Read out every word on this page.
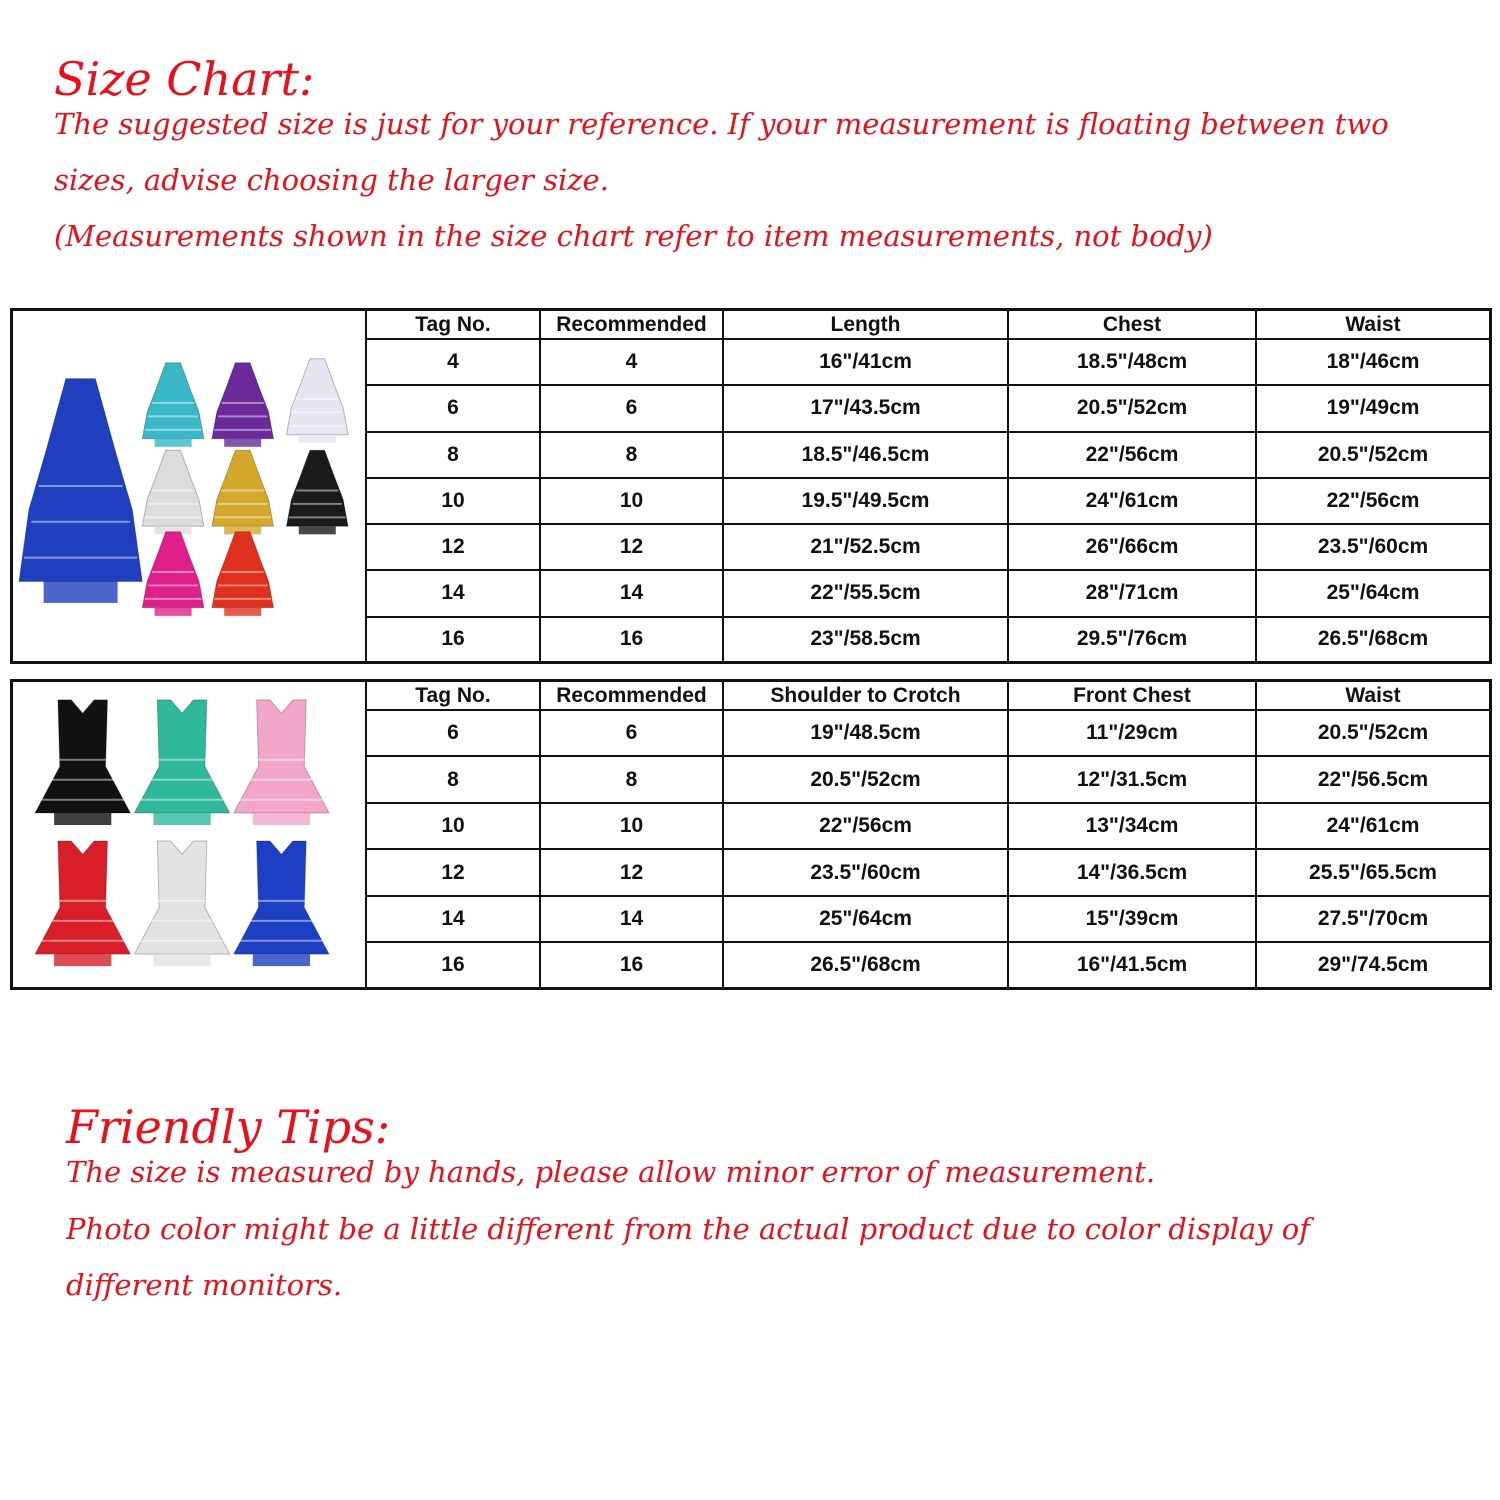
Size Chart:
The suggested size is just for your reference. If your measurement is floating between two
sizes, advise choosing the larger size.
(Measurements shown in the size chart refer to item measurements, not body)
Tag No.	Recommended	Length	Chest	Waist
4	4	16"/41cm	18.5"/48cm	18"/46cm
6	6	17"/43.5cm	20.5"/52cm	19"/49cm
8	8	18.5"/46.5cm	22"/56cm	20.5"/52cm
10	10	19.5"/49.5cm	24"/61cm	22"/56cm
12	12	21"/52.5cm	26"/66cm	23.5"/60cm
14	14	22"/55.5cm	28"/71cm	25"/64cm
16	16	23"/58.5cm	29.5"/76cm	26.5"/68cm
Tag No.	Recommended	Shoulder to Crotch	Front Chest	Waist
6	6	19"/48.5cm	11"/29cm	20.5"/52cm
8	8	20.5"/52cm	12"/31.5cm	22"/56.5cm
10	10	22"/56cm	13"/34cm	24"/61cm
12	12	23.5"/60cm	14"/36.5cm	25.5"/65.5cm
14	14	25"/64cm	15"/39cm	27.5"/70cm
16	16	26.5"/68cm	16"/41.5cm	29"/74.5cm
Friendly Tips:
The size is measured by hands, please allow minor error of measurement.
Photo color might be a little different from the actual product due to color display of
different monitors.
